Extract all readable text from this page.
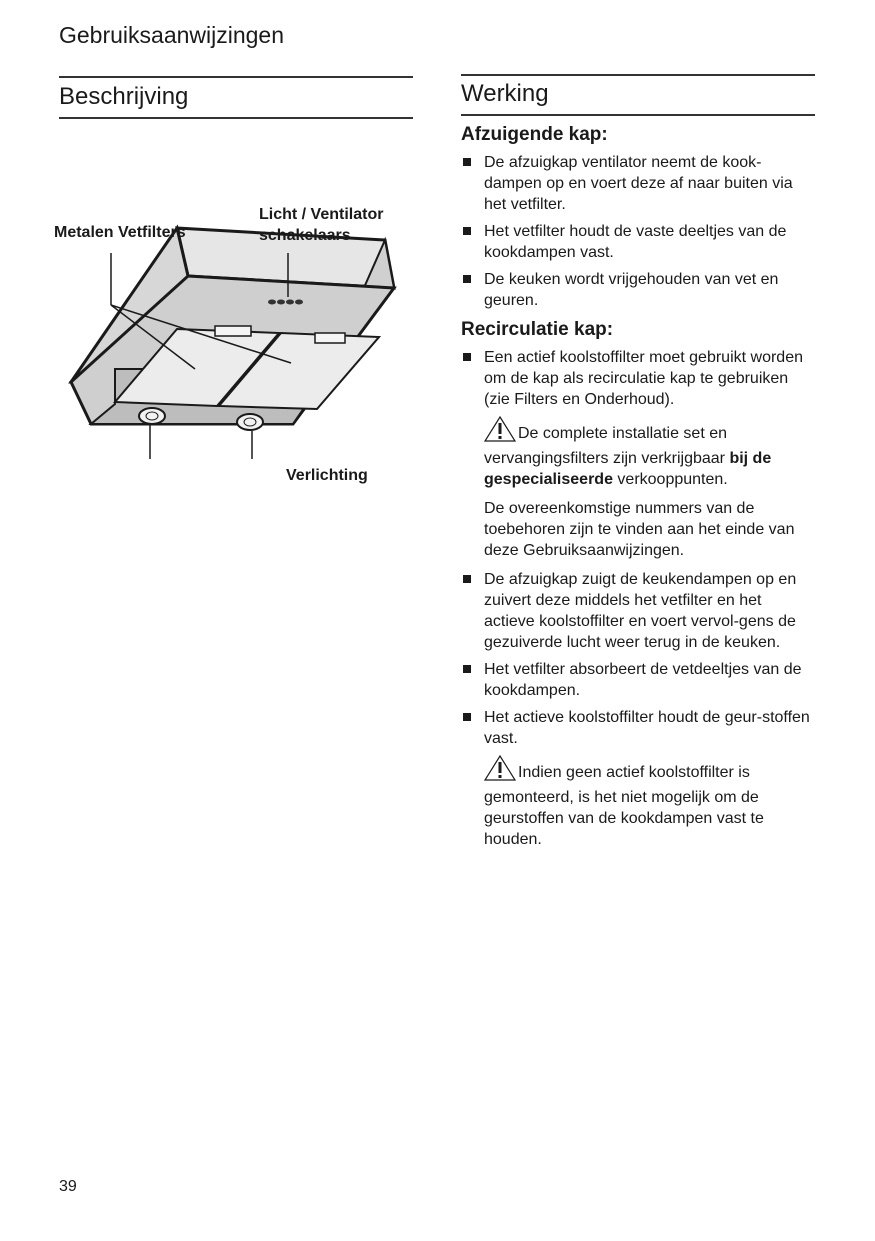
Gebruiksaanwijzingen
Beschrijving
Metalen Vetfilters
Licht / Ventilator
schakelaars
Verlichting
Werking
Afzuigende kap:
De afzuigkap ventilator neemt de kook-dampen op en voert deze af naar buiten via het vetfilter.
Het vetfilter houdt de vaste deeltjes van de kookdampen vast.
De keuken wordt vrijgehouden van vet en geuren.
Recirculatie kap:
Een actief koolstoffilter moet gebruikt worden om de kap als recirculatie kap te gebruiken (zie Filters en Onderhoud).
De complete installatie set en vervangingsfilters zijn verkrijgbaar bij de gespecialiseerde verkooppunten.
De overeenkomstige nummers van de toebehoren zijn te vinden aan het einde van deze Gebruiksaanwijzingen.
De afzuigkap zuigt de keukendampen op en zuivert deze middels het vetfilter en het actieve koolstoffilter en voert vervol-gens de gezuiverde lucht weer terug in de keuken.
Het vetfilter absorbeert de vetdeeltjes van de kookdampen.
Het actieve koolstoffilter houdt de geur-stoffen vast.
Indien geen actief koolstoffilter is gemonteerd, is het niet mogelijk om de geurstoffen van de kookdampen vast te houden.
39
